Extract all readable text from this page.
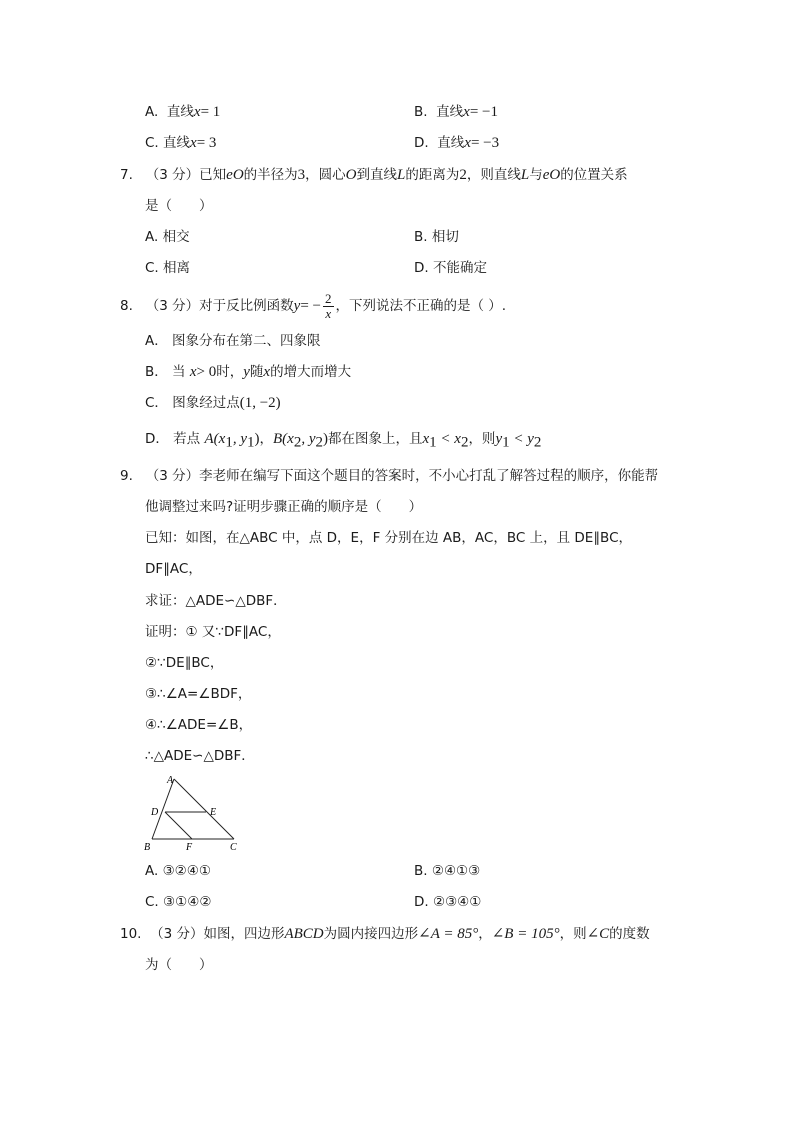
A. 直线x= 1	B. 直线x= −1
C. 直线x= 3	D. 直线x= −3
7. （3 分）已知eO的半径为3，圆心O到直线L的距离为2，则直线L与eO的位置关系
是（　　）
A. 相交	B. 相切
C. 相离	D. 不能确定
8. （3 分）对于反比例函数$y= - \frac{2}{x}$ ，下列说法不正确的是（ ）.
A． 图象分布在第二、四象限
B． 当 x> 0时，y随x的增大而增大
C． 图象经过点(1, −2)
D． 若点 $A(x_1$, $y_1$)，$B(x_2$, $y_2$)都在图象上，且$x_1 < x_2$，则$y_1 < y_2$
9. （3 分）李老师在编写下面这个题目的答案时，不小心打乱了解答过程的顺序，你能帮
他调整过来吗?证明步骤正确的顺序是（　　）
已知：如图，在△ABC 中，点 D，E，F 分别在边 AB，AC，BC 上，且 DE∥BC，
DF∥AC，
求证：△ADE∽△DBF．
证明：① 又∵DF∥AC，
②∵DE∥BC，
③∴∠A=∠BDF，
④∴∠ADE=∠B，
∴△ADE∽△DBF．
A
D	E
B	F	C
A. ③②④①	B. ②④①③
C. ③①④②	D. ②③④①
10. （3 分）如图，四边形ABCD为圆内接四边形∠A = 85°，∠B = 105°，则∠C的度数
为（　　）
